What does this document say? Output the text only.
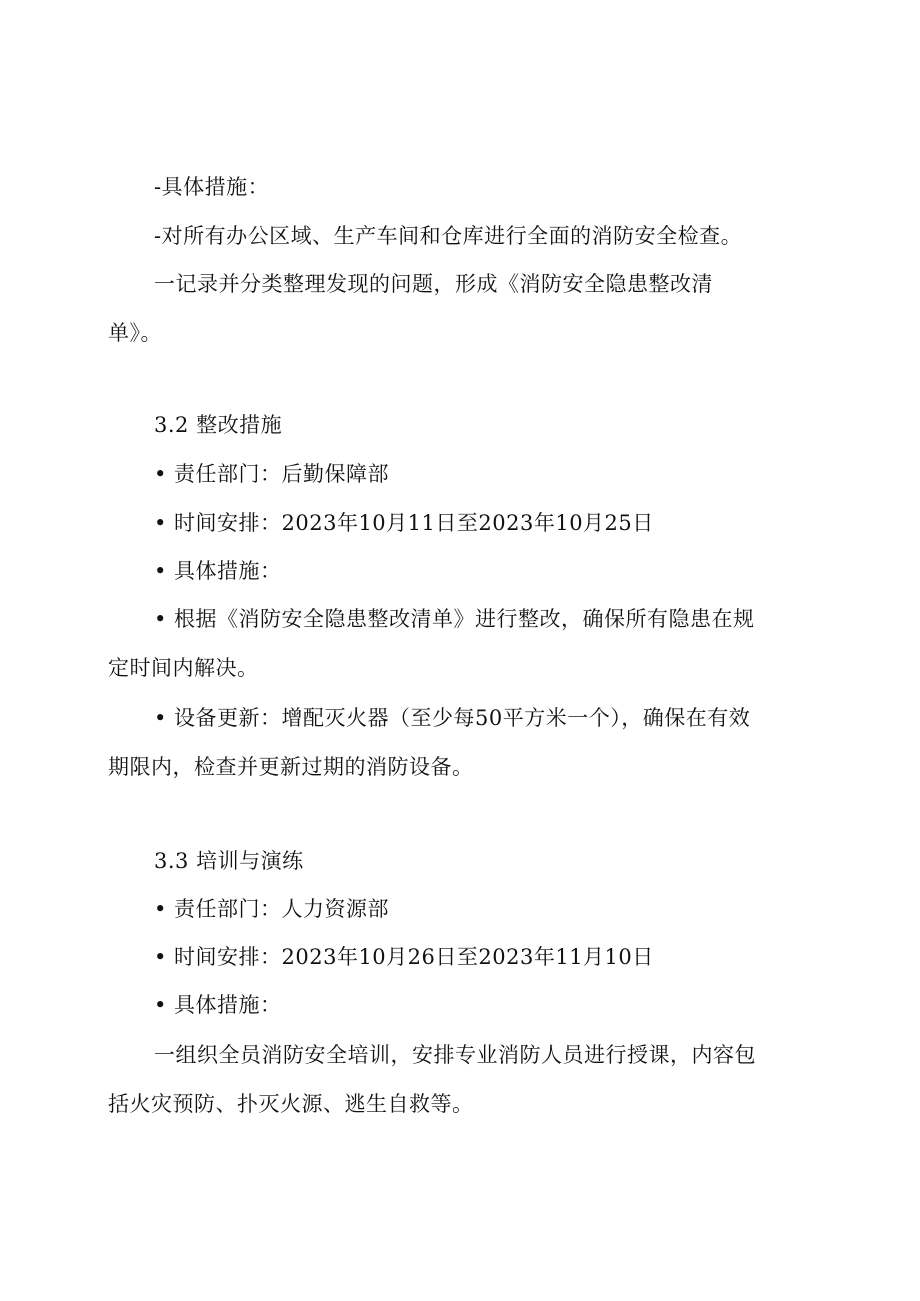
-具体措施：
-对所有办公区域、生产车间和仓库进行全面的消防安全检查。
一记录并分类整理发现的问题，形成《消防安全隐患整改清
单》。
3.2 整改措施
• 责任部门：后勤保障部
• 时间安排：2023年10月11日至2023年10月25日
• 具体措施：
• 根据《消防安全隐患整改清单》进行整改，确保所有隐患在规
定时间内解决。
• 设备更新：增配灭火器（至少每50平方米一个），确保在有效
期限内，检查并更新过期的消防设备。
3.3 培训与演练
• 责任部门：人力资源部
• 时间安排：2023年10月26日至2023年11月10日
• 具体措施：
一组织全员消防安全培训，安排专业消防人员进行授课，内容包
括火灾预防、扑灭火源、逃生自救等。
